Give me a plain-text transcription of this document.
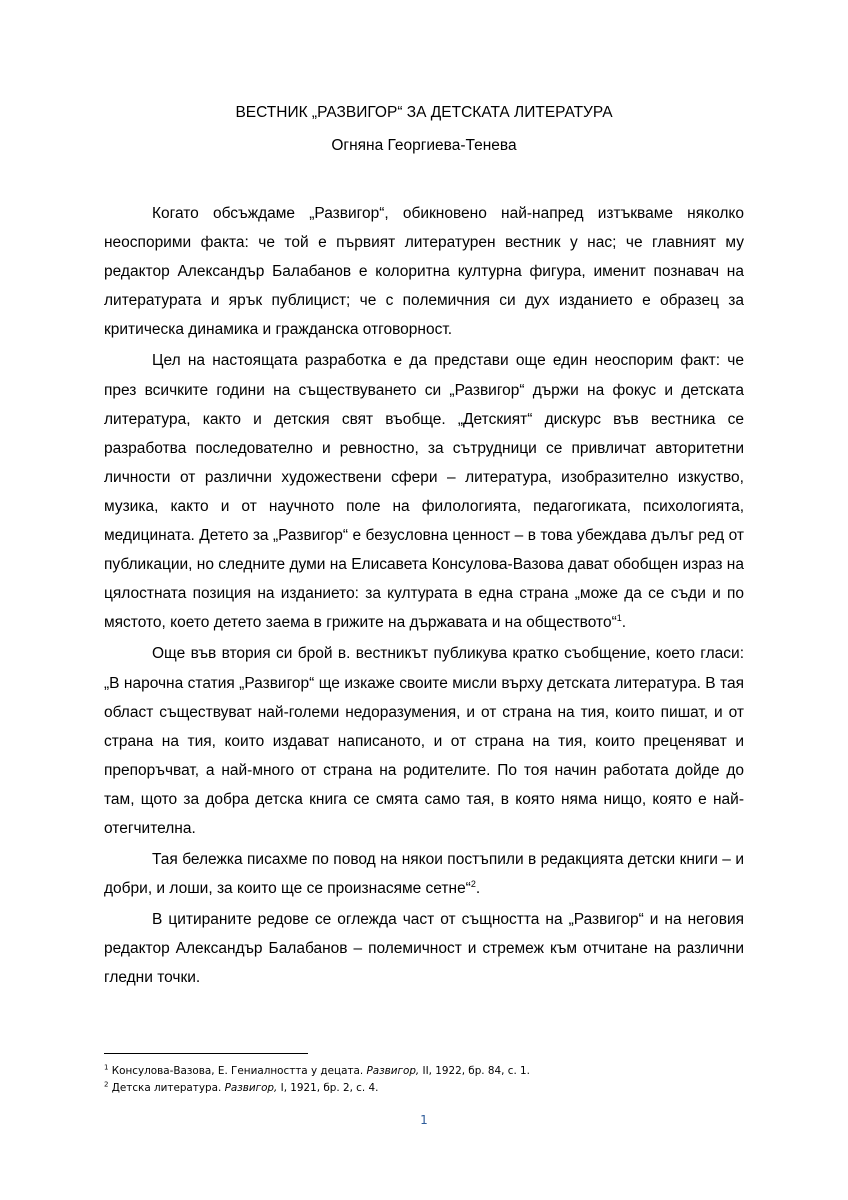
ВЕСТНИК „РАЗВИГОР“ ЗА ДЕТСКАТА ЛИТЕРАТУРА

Огняна Георгиева-Тенева

Когато обсъждаме „Развигор“, обикновено най-напред изтъкваме няколко неоспорими факта: че той е първият литературен вестник у нас; че главният му редактор Александър Балабанов е колоритна културна фигура, именит познавач на литературата и ярък публицист; че с полемичния си дух изданието е образец за критическа динамика и гражданска отговорност.

Цел на настоящата разработка е да представи още един неоспорим факт: че през всичките години на съществуването си „Развигор“ държи на фокус и детската литература, както и детския свят въобще. „Детският“ дискурс във вестника се разработва последователно и ревностно, за сътрудници се привличат авторитетни личности от различни художествени сфери – литература, изобразително изкуство, музика, както и от научното поле на филологията, педагогиката, психологията, медицината. Детето за „Развигор“ е безусловна ценност – в това убеждава дълъг ред от публикации, но следните думи на Елисавета Консулова-Вазова дават обобщен израз на цялостната позиция на изданието: за културата в една страна „може да се съди и по мястото, което детето заема в грижите на държавата и на обществото“$^1$.

Още във втория си брой в. вестникът публикува кратко съобщение, което гласи: „В нарочна статия „Развигор“ ще изкаже своите мисли върху детската литература. В тая област съществуват най-големи недоразумения, и от страна на тия, които пишат, и от страна на тия, които издават написаното, и от страна на тия, които преценяват и препоръчват, а най-много от страна на родителите. По тоя начин работата дойде до там, щото за добра детска книга се смята само тая, в която няма нищо, която е най-отегчителна.

Тая бележка писахме по повод на някои постъпили в редакцията детски книги – и добри, и лоши, за които ще се произнасяме сетне“$^2$.

В цитираните редове се оглежда част от същността на „Развигор“ и на неговия редактор Александър Балабанов – полемичност и стремеж към отчитане на различни гледни точки.

$^1$ Консулова-Вазова, Е. Гениалността у децата. Развигор, II, 1922, бр. 84, с. 1.

$^2$ Детска литература. Развигор, I, 1921, бр. 2, с. 4.

1
